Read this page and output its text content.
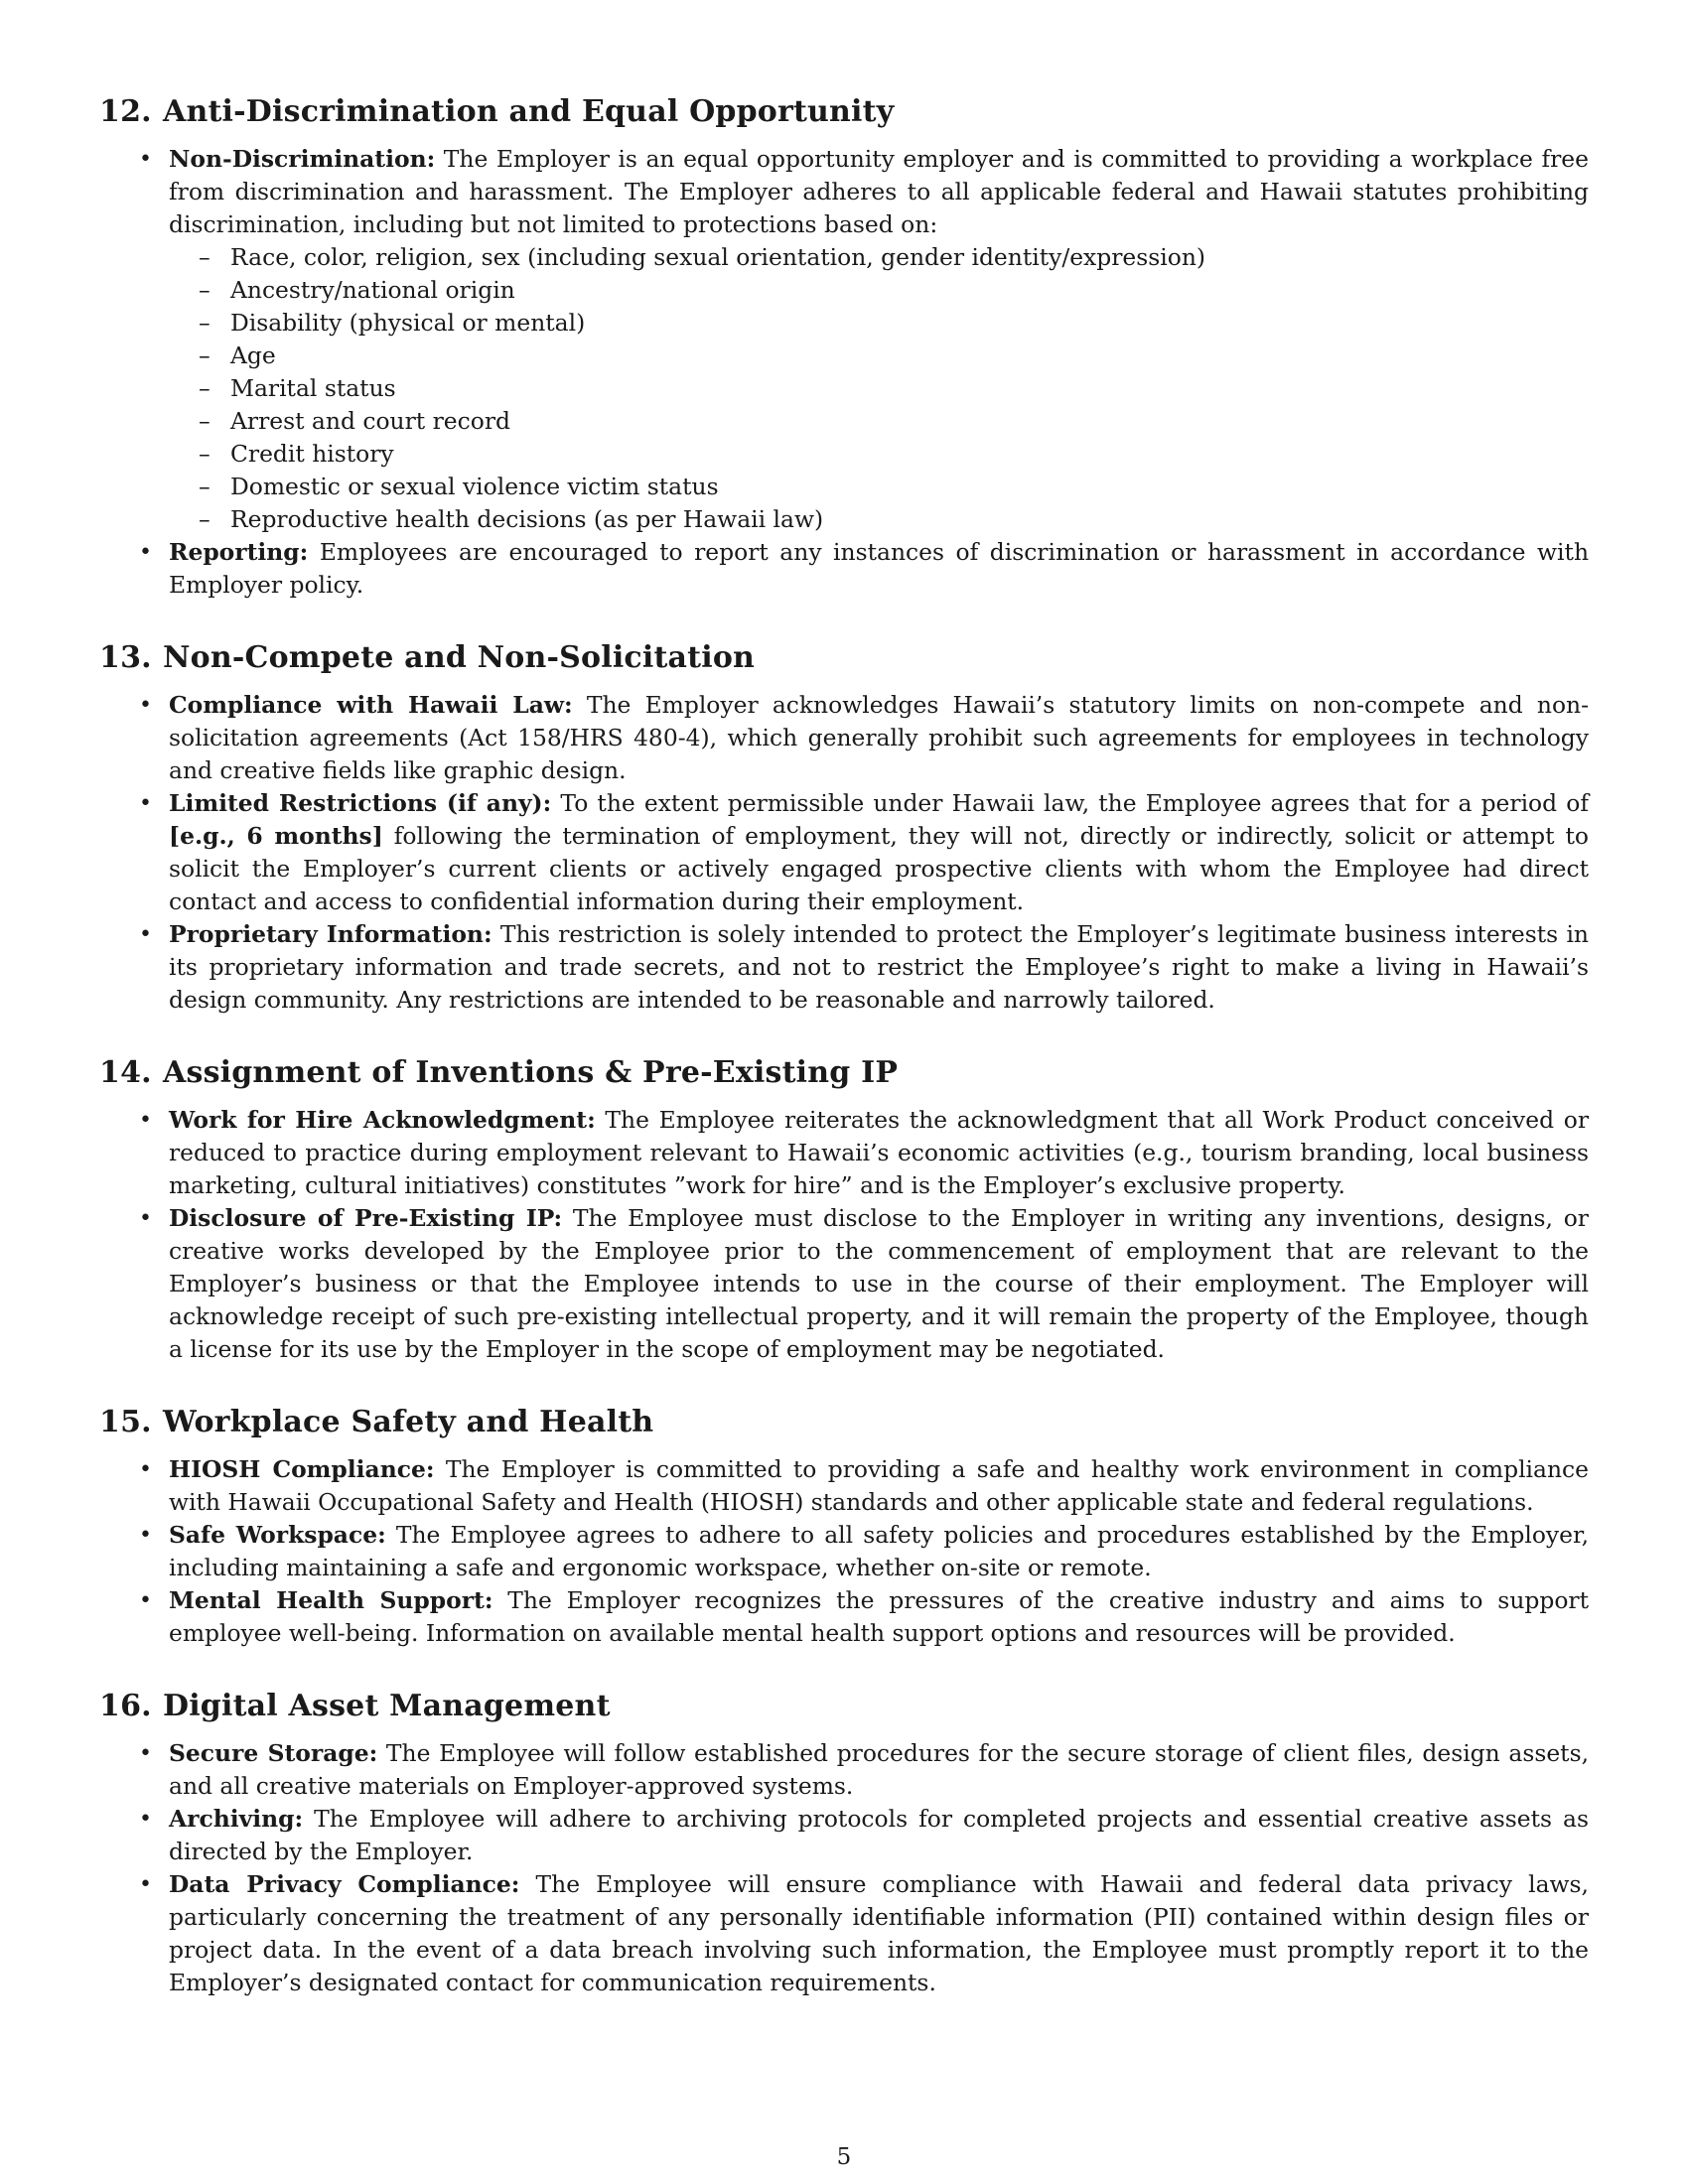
12. Anti-Discrimination and Equal Opportunity
• Non-Discrimination: The Employer is an equal opportunity employer and is committed to providing a workplace free from discrimination and harassment. The Employer adheres to all applicable federal and Hawaii statutes prohibiting discrimination, including but not limited to protections based on:
– Race, color, religion, sex (including sexual orientation, gender identity/expression)
– Ancestry/national origin
– Disability (physical or mental)
– Age
– Marital status
– Arrest and court record
– Credit history
– Domestic or sexual violence victim status
– Reproductive health decisions (as per Hawaii law)
• Reporting: Employees are encouraged to report any instances of discrimination or harassment in accordance with Employer policy.
13. Non-Compete and Non-Solicitation
• Compliance with Hawaii Law: The Employer acknowledges Hawaii’s statutory limits on non-compete and non-solicitation agreements (Act 158/HRS 480-4), which generally prohibit such agreements for employees in technology and creative fields like graphic design.
• Limited Restrictions (if any): To the extent permissible under Hawaii law, the Employee agrees that for a period of [e.g., 6 months] following the termination of employment, they will not, directly or indirectly, solicit or attempt to solicit the Employer’s current clients or actively engaged prospective clients with whom the Employee had direct contact and access to confidential information during their employment.
• Proprietary Information: This restriction is solely intended to protect the Employer’s legitimate business interests in its proprietary information and trade secrets, and not to restrict the Employee’s right to make a living in Hawaii’s design community. Any restrictions are intended to be reasonable and narrowly tailored.
14. Assignment of Inventions & Pre-Existing IP
• Work for Hire Acknowledgment: The Employee reiterates the acknowledgment that all Work Product conceived or reduced to practice during employment relevant to Hawaii’s economic activities (e.g., tourism branding, local business marketing, cultural initiatives) constitutes ”work for hire” and is the Employer’s exclusive property.
• Disclosure of Pre-Existing IP: The Employee must disclose to the Employer in writing any inventions, designs, or creative works developed by the Employee prior to the commencement of employment that are relevant to the Employer’s business or that the Employee intends to use in the course of their employment. The Employer will acknowledge receipt of such pre-existing intellectual property, and it will remain the property of the Employee, though a license for its use by the Employer in the scope of employment may be negotiated.
15. Workplace Safety and Health
• HIOSH Compliance: The Employer is committed to providing a safe and healthy work environment in compliance with Hawaii Occupational Safety and Health (HIOSH) standards and other applicable state and federal regulations.
• Safe Workspace: The Employee agrees to adhere to all safety policies and procedures established by the Employer, including maintaining a safe and ergonomic workspace, whether on-site or remote.
• Mental Health Support: The Employer recognizes the pressures of the creative industry and aims to support employee well-being. Information on available mental health support options and resources will be provided.
16. Digital Asset Management
• Secure Storage: The Employee will follow established procedures for the secure storage of client files, design assets, and all creative materials on Employer-approved systems.
• Archiving: The Employee will adhere to archiving protocols for completed projects and essential creative assets as directed by the Employer.
• Data Privacy Compliance: The Employee will ensure compliance with Hawaii and federal data privacy laws, particularly concerning the treatment of any personally identifiable information (PII) contained within design files or project data. In the event of a data breach involving such information, the Employee must promptly report it to the Employer’s designated contact for communication requirements.
5
